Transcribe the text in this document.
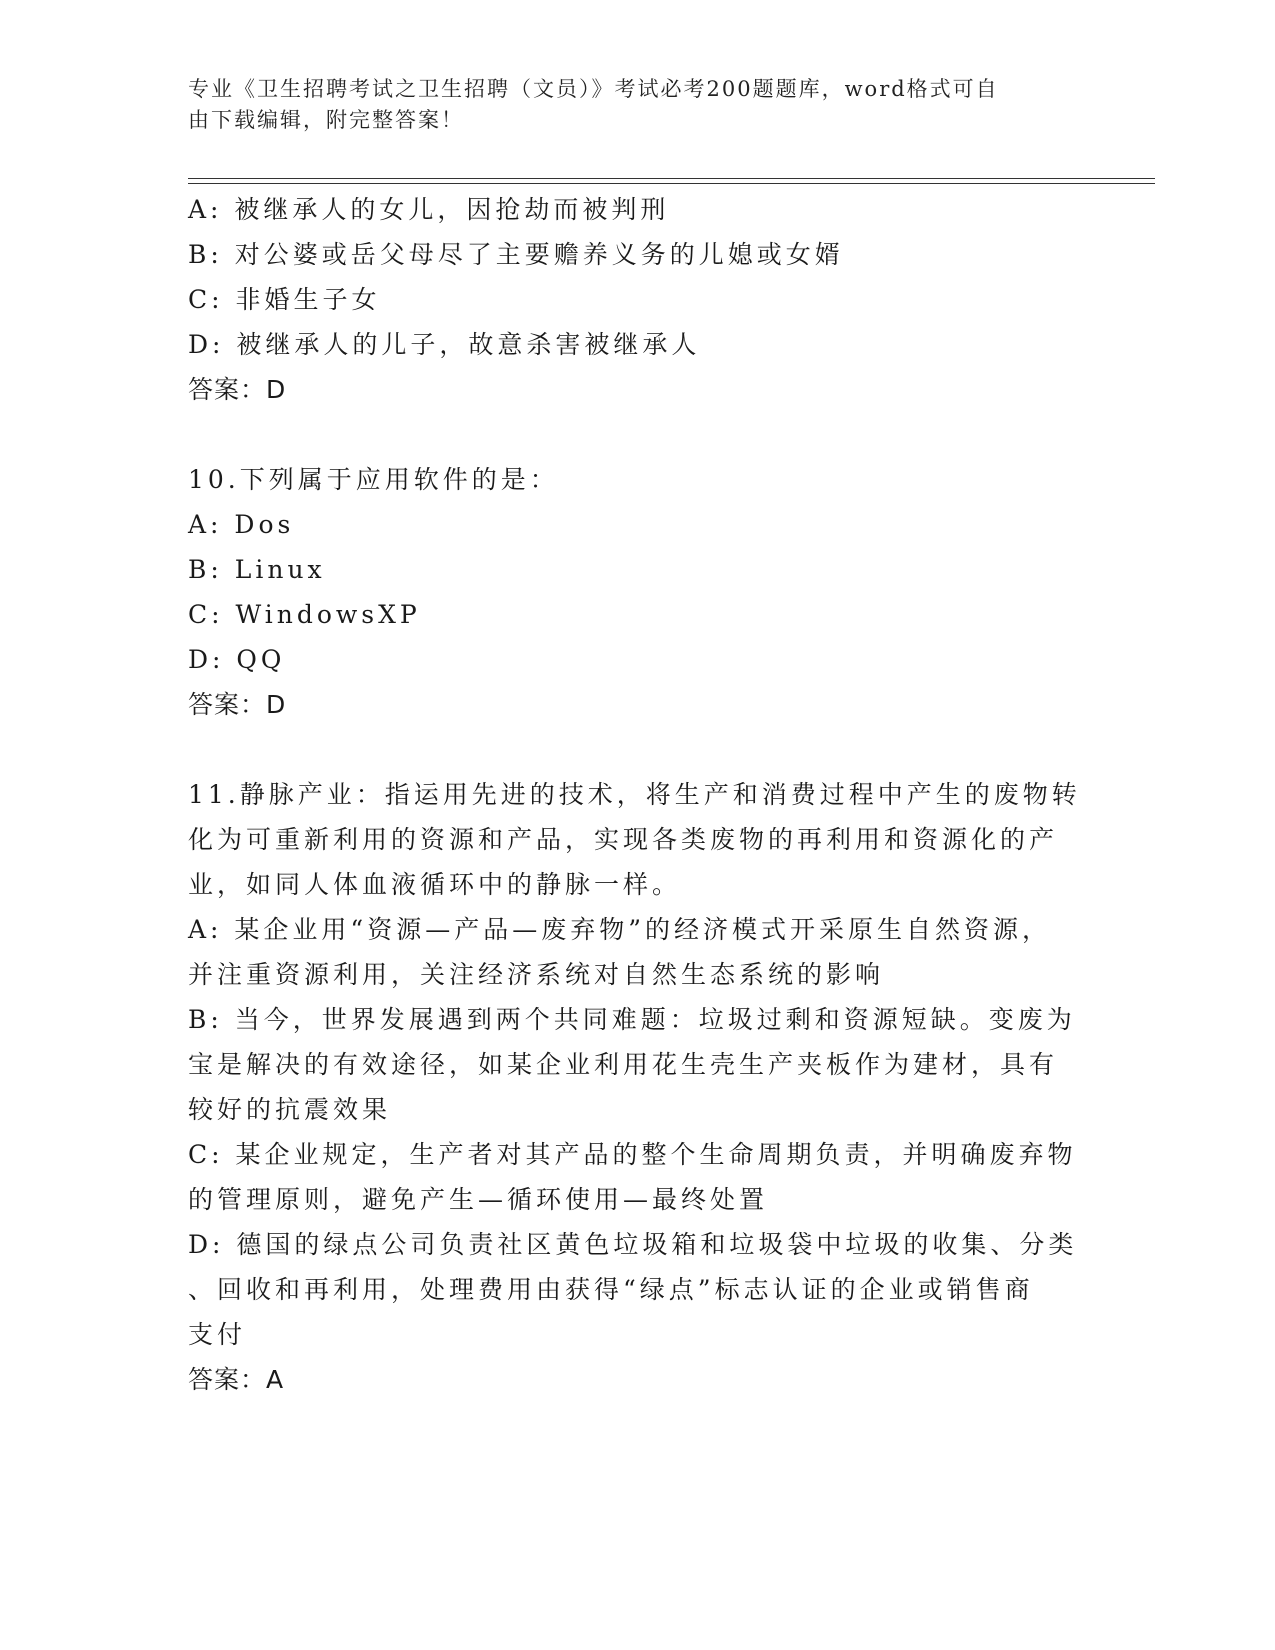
专业《卫生招聘考试之卫生招聘（文员）》考试必考200题题库，word格式可自
由下载编辑，附完整答案！
A: 被继承人的女儿，因抢劫而被判刑
B: 对公婆或岳父母尽了主要赡养义务的儿媳或女婿
C: 非婚生子女
D: 被继承人的儿子，故意杀害被继承人
答案：D
10.下列属于应用软件的是：
A: Dos
B: Linux
C: WindowsXP
D: QQ
答案：D
11.静脉产业：指运用先进的技术，将生产和消费过程中产生的废物转
化为可重新利用的资源和产品，实现各类废物的再利用和资源化的产
业，如同人体血液循环中的静脉一样。
A: 某企业用“资源—产品—废弃物”的经济模式开采原生自然资源，
并注重资源利用，关注经济系统对自然生态系统的影响
B: 当今，世界发展遇到两个共同难题：垃圾过剩和资源短缺。变废为
宝是解决的有效途径，如某企业利用花生壳生产夹板作为建材，具有
较好的抗震效果
C: 某企业规定，生产者对其产品的整个生命周期负责，并明确废弃物
的管理原则，避免产生—循环使用—最终处置
D: 德国的绿点公司负责社区黄色垃圾箱和垃圾袋中垃圾的收集、分类
、回收和再利用，处理费用由获得“绿点”标志认证的企业或销售商
支付
答案：A
